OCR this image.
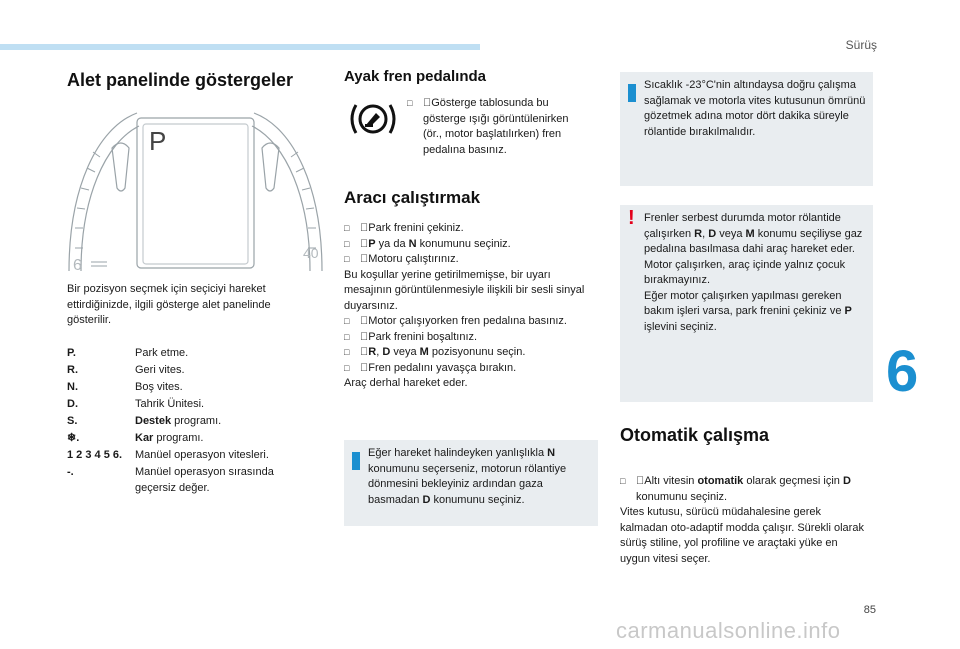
Sürüş
6
Alet panelinde göstergeler
P
6
40
Bir pozisyon seçmek için seçiciyi hareket ettirdiğinizde, ilgili gösterge alet panelinde gösterilir.
P.	Park etme.
R.	Geri vites.
N.	Boş vites.
D.	Tahrik Ünitesi.
S.	Destek programı.
❄.	Kar programı.
1 2 3 4 5 6. Manüel operasyon vitesleri.
-.	Manüel operasyon sırasında geçersiz değer.
Ayak fren pedalında
□ Gösterge tablosunda bu gösterge ışığı görüntülenirken (ör., motor başlatılırken) fren pedalına basınız.
Aracı çalıştırmak
□ Park frenini çekiniz.
□ P ya da N konumunu seçiniz.
□ Motoru çalıştırınız.
Bu koşullar yerine getirilmemişse, bir uyarı mesajının görüntülenmesiyle ilişkili bir sesli sinyal duyarsınız.
□ Motor çalışıyorken fren pedalına basınız.
□ Park frenini boşaltınız.
□ R, D veya M pozisyonunu seçin.
□ Fren pedalını yavaşça bırakın.
Araç derhal hareket eder.
Eğer hareket halindeyken yanlışlıkla N konumunu seçerseniz, motorun rölantiye dönmesini bekleyiniz ardından gaza basmadan D konumunu seçiniz.
Sıcaklık -23°C'nin altındaysa doğru çalışma sağlamak ve motorla vites kutusunun ömrünü gözetmek adına motor dört dakika süreyle rölantide bırakılmalıdır.
! Frenler serbest durumda motor rölantide çalışırken R, D veya M konumu seçiliyse gaz pedalına basılmasa dahi araç hareket eder.
Motor çalışırken, araç içinde yalnız çocuk bırakmayınız.
Eğer motor çalışırken yapılması gereken bakım işleri varsa, park frenini çekiniz ve P işlevini seçiniz.
Otomatik çalışma
□ Altı vitesin otomatik olarak geçmesi için D konumunu seçiniz.
Vites kutusu, sürücü müdahalesine gerek kalmadan oto-adaptif modda çalışır. Sürekli olarak sürüş stiline, yol profiline ve araçtaki yüke en uygun vitesi seçer.
85
carmanualsonline.info
